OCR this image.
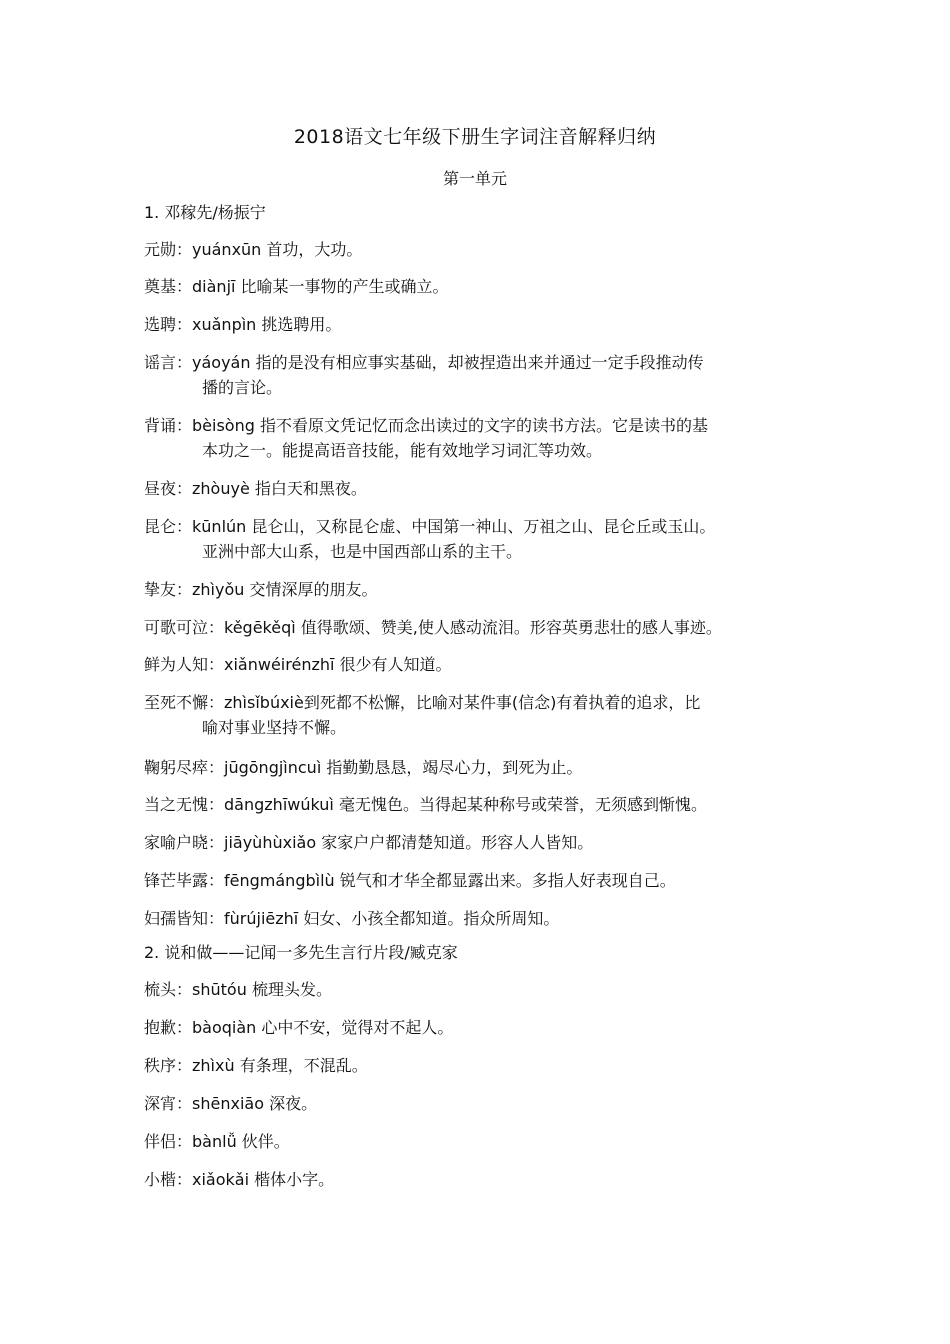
2018语文七年级下册生字词注音解释归纳
第一单元
1. 邓稼先/杨振宁
元勋：yuánxūn 首功，大功。
奠基：diànjī 比喻某一事物的产生或确立。
选聘：xuǎnpìn 挑选聘用。
谣言：yáoyán 指的是没有相应事实基础，却被捏造出来并通过一定手段推动传
播的言论。
背诵：bèisòng 指不看原文凭记忆而念出读过的文字的读书方法。它是读书的基
本功之一。能提高语音技能，能有效地学习词汇等功效。
昼夜：zhòuyè 指白天和黑夜。
昆仑：kūnlún 昆仑山，又称昆仑虚、中国第一神山、万祖之山、昆仑丘或玉山。
亚洲中部大山系，也是中国西部山系的主干。
挚友：zhìyǒu 交情深厚的朋友。
可歌可泣：kěgēkěqì 值得歌颂、赞美,使人感动流泪。形容英勇悲壮的感人事迹。
鲜为人知：xiǎnwéirénzhī 很少有人知道。
至死不懈：zhìsǐbúxiè到死都不松懈，比喻对某件事(信念)有着执着的追求，比
喻对事业坚持不懈。
鞠躬尽瘁：jūgōngjìncuì 指勤勤恳恳，竭尽心力，到死为止。
当之无愧：dāngzhīwúkuì 毫无愧色。当得起某种称号或荣誉，无须感到惭愧。
家喻户晓：jiāyùhùxiǎo 家家户户都清楚知道。形容人人皆知。
锋芒毕露：fēngmángbìlù 锐气和才华全都显露出来。多指人好表现自己。
妇孺皆知：fùrújiēzhī 妇女、小孩全都知道。指众所周知。
2. 说和做——记闻一多先生言行片段/臧克家
梳头：shūtóu 梳理头发。
抱歉：bàoqiàn 心中不安，觉得对不起人。
秩序：zhìxù 有条理，不混乱。
深宵：shēnxiāo 深夜。
伴侣：bànlǚ 伙伴。
小楷：xiǎokǎi 楷体小字。
